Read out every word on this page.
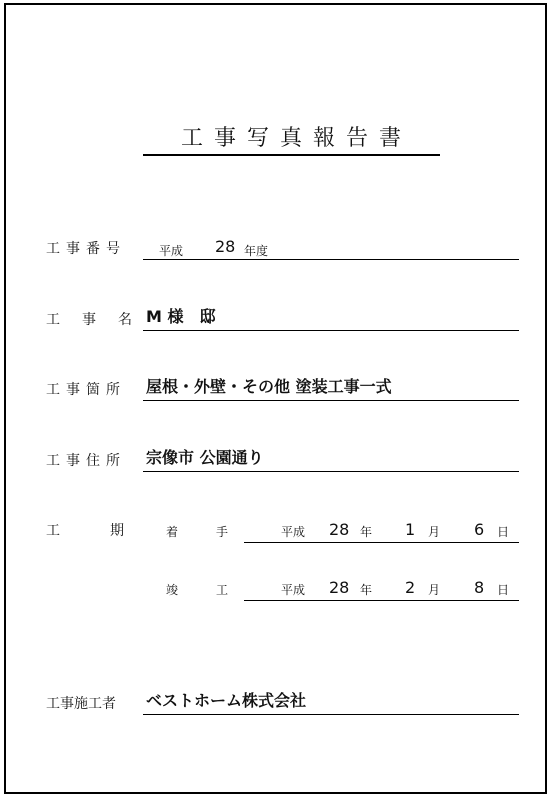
工事写真報告書
工事番号	平成 28 年度
工事名
M 様　邸
工事箇所 屋根・外壁・その他 塗装工事一式
工事住所 宗像市 公園通り
工期
着手 平成 28 年 1 月 6 日
竣工 平成 28 年 2 月 8 日
工事施工者 ベストホーム株式会社
